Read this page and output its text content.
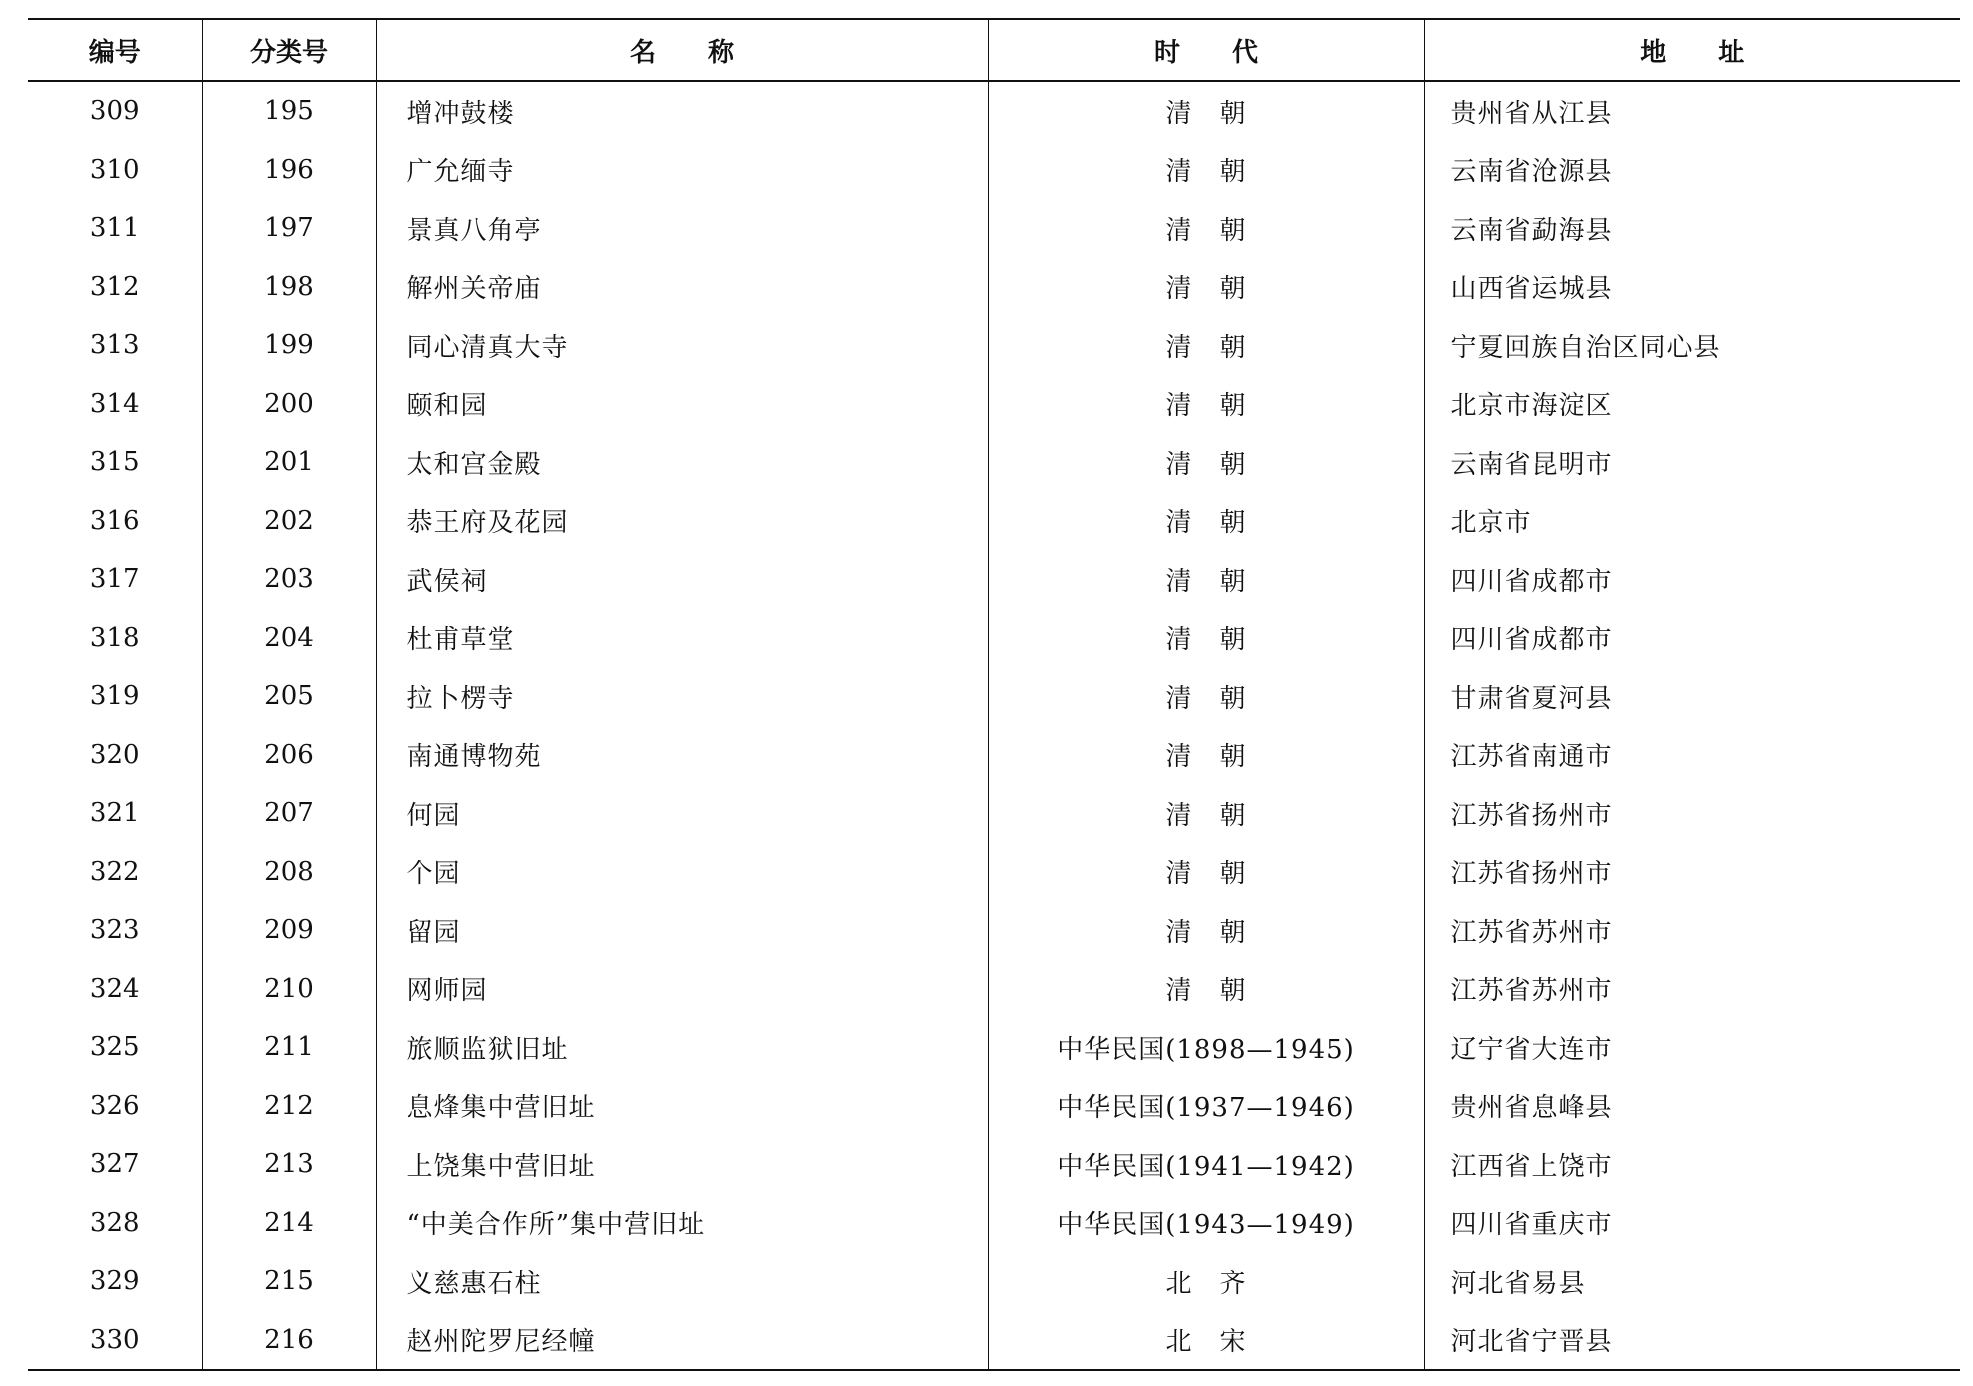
编号	分类号	名　　称	时　　代	地　　址
309	195	增冲鼓楼	清　朝	贵州省从江县
310	196	广允缅寺	清　朝	云南省沧源县
311	197	景真八角亭	清　朝	云南省勐海县
312	198	解州关帝庙	清　朝	山西省运城县
313	199	同心清真大寺	清　朝	宁夏回族自治区同心县
314	200	颐和园	清　朝	北京市海淀区
315	201	太和宫金殿	清　朝	云南省昆明市
316	202	恭王府及花园	清　朝	北京市
317	203	武侯祠	清　朝	四川省成都市
318	204	杜甫草堂	清　朝	四川省成都市
319	205	拉卜楞寺	清　朝	甘肃省夏河县
320	206	南通博物苑	清　朝	江苏省南通市
321	207	何园	清　朝	江苏省扬州市
322	208	个园	清　朝	江苏省扬州市
323	209	留园	清　朝	江苏省苏州市
324	210	网师园	清　朝	江苏省苏州市
325	211	旅顺监狱旧址	中华民国(1898—1945)	辽宁省大连市
326	212	息烽集中营旧址	中华民国(1937—1946)	贵州省息峰县
327	213	上饶集中营旧址	中华民国(1941—1942)	江西省上饶市
328	214	“中美合作所”集中营旧址	中华民国(1943—1949)	四川省重庆市
329	215	义慈惠石柱	北　齐	河北省易县
330	216	赵州陀罗尼经幢	北　宋	河北省宁晋县
